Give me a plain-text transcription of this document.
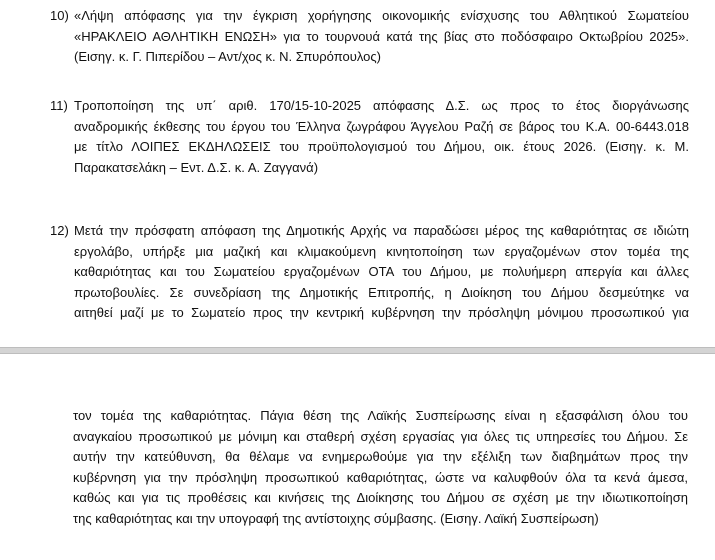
10) «Λήψη απόφασης για την έγκριση χορήγησης οικονομικής ενίσχυσης του Αθλητικού Σωματείου
«ΗΡΑΚΛΕΙΟ ΑΘΛΗΤΙΚΗ ΕΝΩΣΗ» για το τουρνουά κατά της βίας στο ποδόσφαιρο Οκτωβρίου 2025».
(Εισηγ. κ. Γ. Πιπερίδου – Αντ/χος κ. Ν. Σπυρόπουλος)
11) Τροποποίηση της υπ΄ αριθ. 170/15-10-2025 απόφασης Δ.Σ. ως προς το έτος διοργάνωσης
αναδρομικής έκθεσης του έργου του Έλληνα ζωγράφου Άγγελου Ραζή σε βάρος του Κ.Α. 00-6443.018
με τίτλο ΛΟΙΠΕΣ ΕΚΔΗΛΩΣΕΙΣ του προϋπολογισμού του Δήμου, οικ. έτους 2026. (Εισηγ. κ. Μ.
Παρακατσελάκη – Εντ. Δ.Σ. κ. Α. Ζαγγανά)
12) Μετά την πρόσφατη απόφαση της Δημοτικής Αρχής να παραδώσει μέρος της καθαριότητας σε ιδιώτη
εργολάβο, υπήρξε μια μαζική και κλιμακούμενη κινητοποίηση των εργαζομένων στον τομέα της
καθαριότητας και του Σωματείου εργαζομένων ΟΤΑ του Δήμου, με πολυήμερη απεργία και άλλες
πρωτοβουλίες. Σε συνεδρίαση της Δημοτικής Επιτροπής, η Διοίκηση του Δήμου δεσμεύτηκε να
αιτηθεί μαζί με το Σωματείο προς την κεντρική κυβέρνηση την πρόσληψη μόνιμου προσωπικού για
τον τομέα της καθαριότητας. Πάγια θέση της Λαϊκής Συσπείρωσης είναι η εξασφάλιση όλου του
αναγκαίου προσωπικού με μόνιμη και σταθερή σχέση εργασίας για όλες τις υπηρεσίες του Δήμου. Σε
αυτήν την κατεύθυνση, θα θέλαμε να ενημερωθούμε για την εξέλιξη των διαβημάτων προς την
κυβέρνηση για την πρόσληψη προσωπικού καθαριότητας, ώστε να καλυφθούν όλα τα κενά άμεσα,
καθώς και για τις προθέσεις και κινήσεις της Διοίκησης του Δήμου σε σχέση με την ιδιωτικοποίηση
της καθαριότητας και την υπογραφή της αντίστοιχης σύμβασης. (Εισηγ. Λαϊκή Συσπείρωση)
